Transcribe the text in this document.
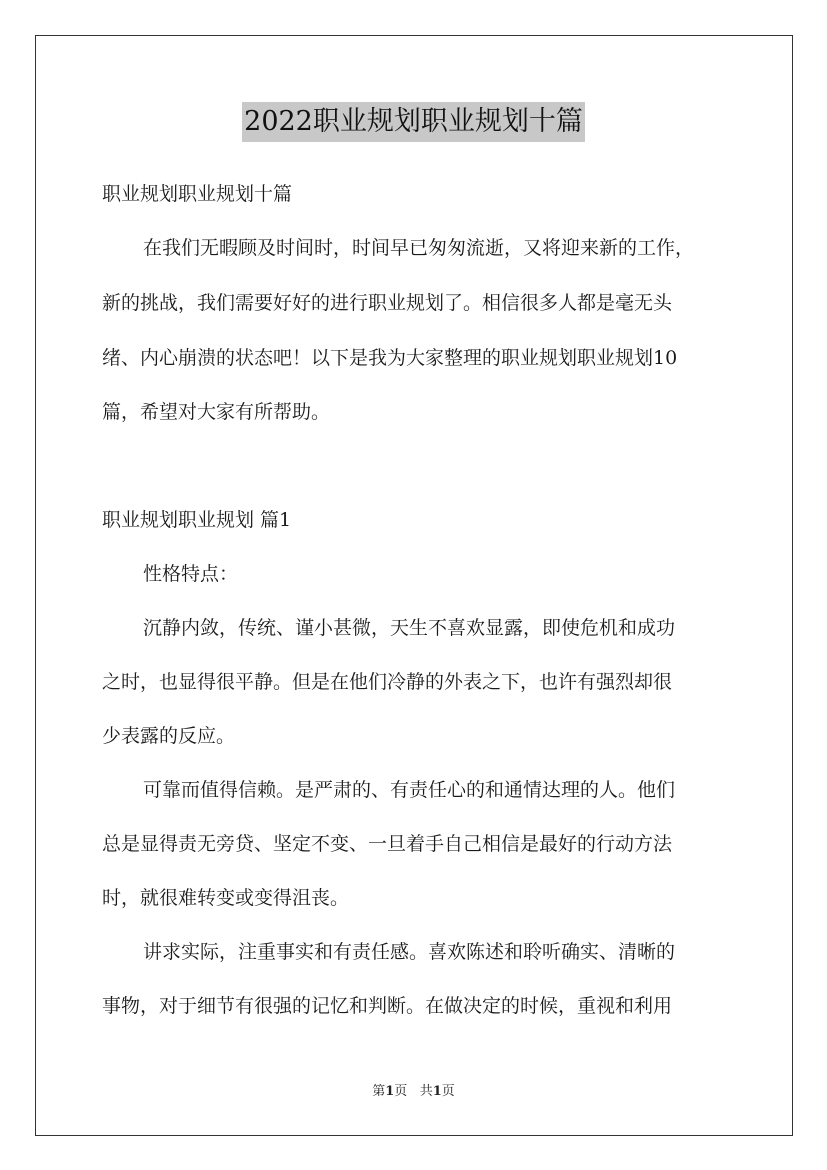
2022职业规划职业规划十篇
职业规划职业规划十篇
在我们无暇顾及时间时，时间早已匆匆流逝，又将迎来新的工作，
新的挑战，我们需要好好的进行职业规划了。相信很多人都是毫无头
绪、内心崩溃的状态吧！以下是我为大家整理的职业规划职业规划10
篇，希望对大家有所帮助。
职业规划职业规划 篇1
性格特点：
沉静内敛，传统、谨小甚微，天生不喜欢显露，即使危机和成功
之时，也显得很平静。但是在他们冷静的外表之下，也许有强烈却很
少表露的反应。
可靠而值得信赖。是严肃的、有责任心的和通情达理的人。他们
总是显得责无旁贷、坚定不变、一旦着手自己相信是最好的行动方法
时，就很难转变或变得沮丧。
讲求实际，注重事实和有责任感。喜欢陈述和聆听确实、清晰的
事物，对于细节有很强的记忆和判断。在做决定的时候，重视和利用
第1页 共1页
